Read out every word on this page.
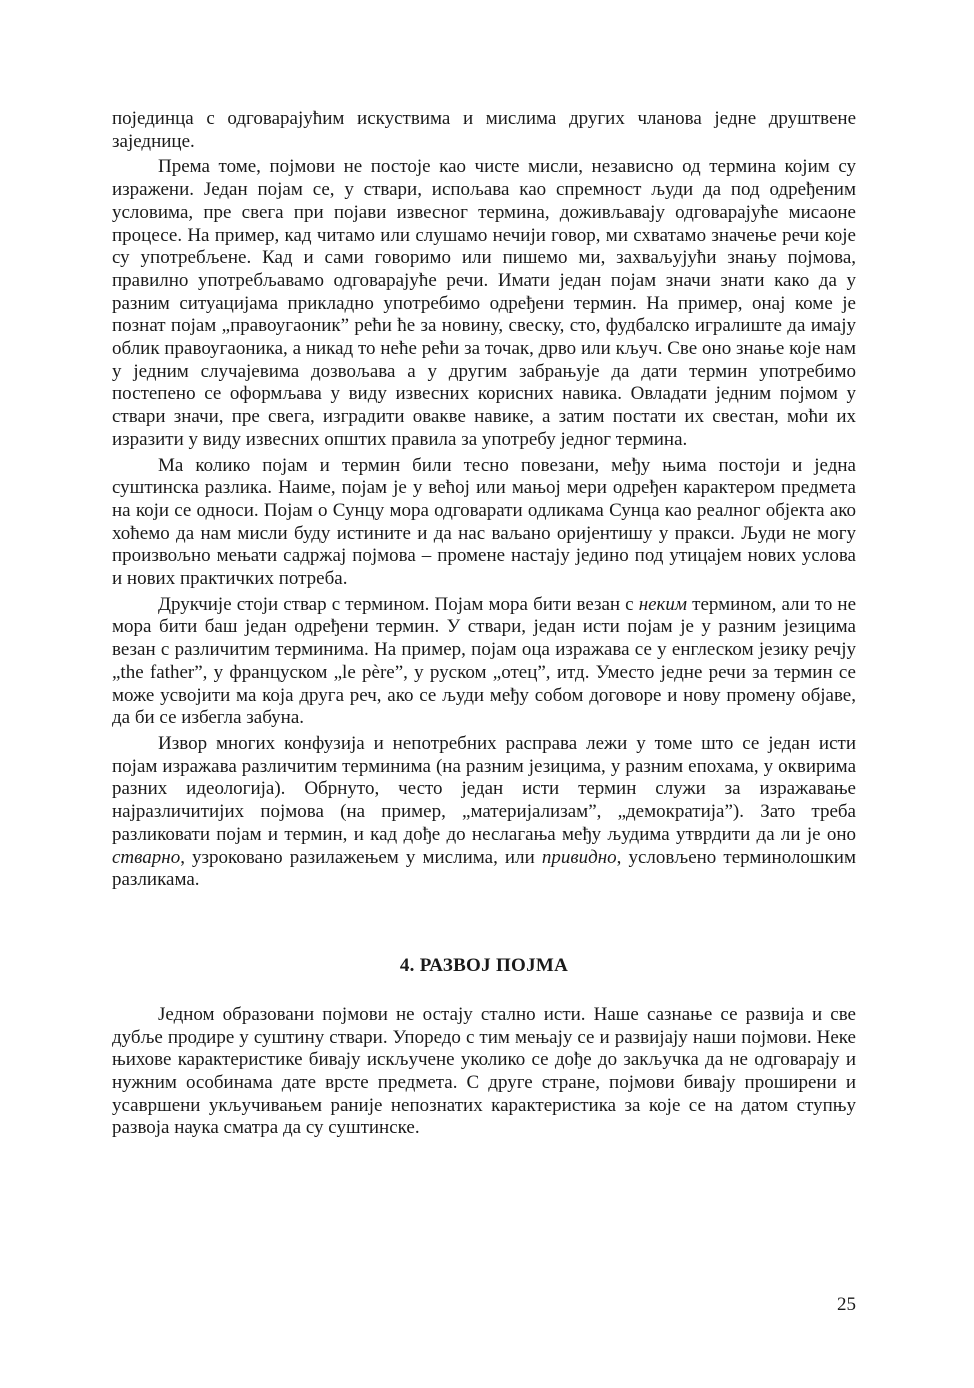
појединца с одговарајућим искуствима и мислима других чланова једне друштвене заједнице.

Према томе, појмови не постоје као чисте мисли, независно од термина којим су изражени. Један појам се, у ствари, испољава као спремност људи да под одређеним условима, пре свега при појави извесног термина, доживљавају одговарајуће мисаоне процесе. На пример, кад читамо или слушамо нечији говор, ми схватамо значење речи које су употребљене. Кад и сами говоримо или пишемо ми, захваљујући знању појмова, правилно употребљавамо одговарајуће речи. Имати један појам значи знати како да у разним ситуацијама прикладно употребимо одређени термин. На пример, онај коме је познат појам „правоугаоник” рећи ће за новину, свеску, сто, фудбалско игралиште да имају облик правоугаоника, а никад то неће рећи за точак, дрво или кључ. Све оно знање које нам у једним случајевима дозвољава а у другим забрањује да дати термин употребимо постепено се оформљава у виду извесних корисних навика. Овладати једним појмом у ствари значи, пре свега, изградити овакве навике, а затим постати их свестан, моћи их изразити у виду извесних општих правила за употребу једног термина.

Ма колико појам и термин били тесно повезани, међу њима постоји и једна суштинска разлика. Наиме, појам је у већој или мањој мери одређен карактером предмета на који се односи. Појам о Сунцу мора одговарати одликама Сунца као реалног објекта ако хоћемо да нам мисли буду истините и да нас ваљано оријентишу у пракси. Људи не могу произвољно мењати садржај појмова – промене настају једино под утицајем нових услова и нових практичких потреба.

Друкчије стоји ствар с термином. Појам мора бити везан с неким термином, али то не мора бити баш један одређени термин. У ствари, један исти појам је у разним језицима везан с различитим терминима. На пример, појам оца изражава се у енглеском језику речју „the father”, у француском „le père”, у руском „отец”, итд. Уместо једне речи за термин се може усвојити ма која друга реч, ако се људи међу собом договоре и нову промену објаве, да би се избегла забуна.

Извор многих конфузија и непотребних расправа лежи у томе што се један исти појам изражава различитим терминима (на разним језицима, у разним епохама, у оквирима разних идеологија). Обрнуто, често један исти термин служи за изражавање најразличитијих појмова (на пример, „материјализам”, „демократија”). Зато треба разликовати појам и термин, и кад дође до неслагања међу људима утврдити да ли је оно стварно, узроковано разилажењем у мислима, или привидно, условљено терминолошким разликама.

4. РАЗВОЈ ПОЈМА

Једном образовани појмови не остају стално исти. Наше сазнање се развија и све дубље продире у суштину ствари. Упоредо с тим мењају се и развијају наши појмови. Неке њихове карактеристике бивају искључене уколико се дође до закључка да не одговарају и нужним особинама дате врсте предмета. С друге стране, појмови бивају проширени и усавршени укључивањем раније непознатих карактеристика за које се на датом ступњу развоја наука сматра да су суштинске.

25
